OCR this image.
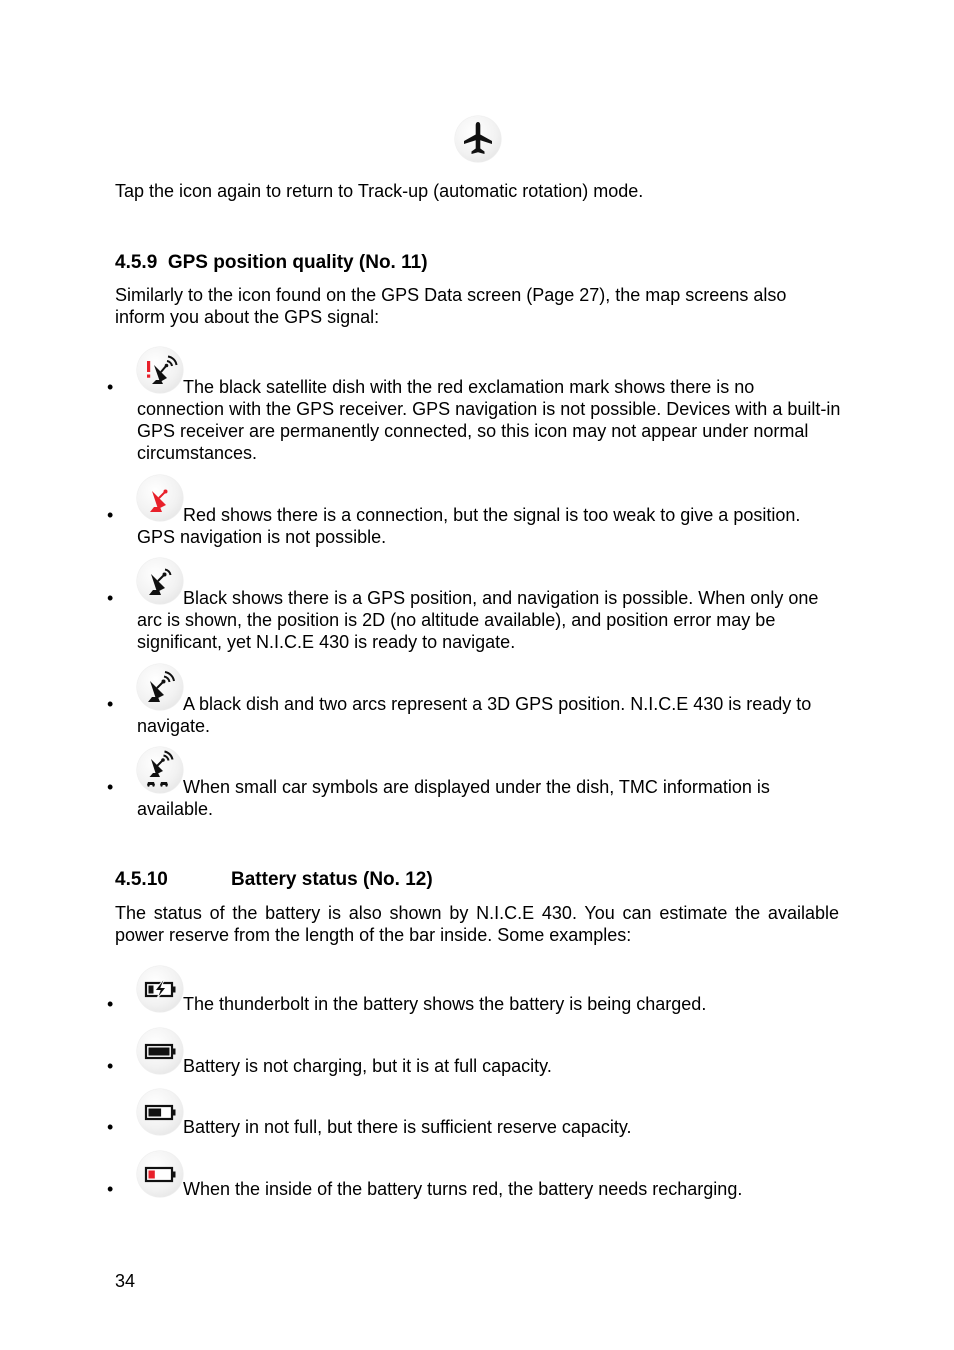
Tap the icon again to return to Track-up (automatic rotation) mode.
4.5.9 GPS position quality (No. 11)
Similarly to the icon found on the GPS Data screen (Page 27), the map screens also inform you about the GPS signal:
•	The black satellite dish with the red exclamation mark shows there is no connection with the GPS receiver. GPS navigation is not possible. Devices with a built-in GPS receiver are permanently connected, so this icon may not appear under normal circumstances.
•	Red shows there is a connection, but the signal is too weak to give a position. GPS navigation is not possible.
•	Black shows there is a GPS position, and navigation is possible. When only one arc is shown, the position is 2D (no altitude available), and position error may be significant, yet N.I.C.E 430 is ready to navigate.
•	A black dish and two arcs represent a 3D GPS position. N.I.C.E 430 is ready to navigate.
•	When small car symbols are displayed under the dish, TMC information is available.
4.5.10	Battery status (No. 12)
The status of the battery is also shown by N.I.C.E 430. You can estimate the available power reserve from the length of the bar inside. Some examples:
•	The thunderbolt in the battery shows the battery is being charged.
•	Battery is not charging, but it is at full capacity.
•	Battery in not full, but there is sufficient reserve capacity.
•	When the inside of the battery turns red, the battery needs recharging.
34
